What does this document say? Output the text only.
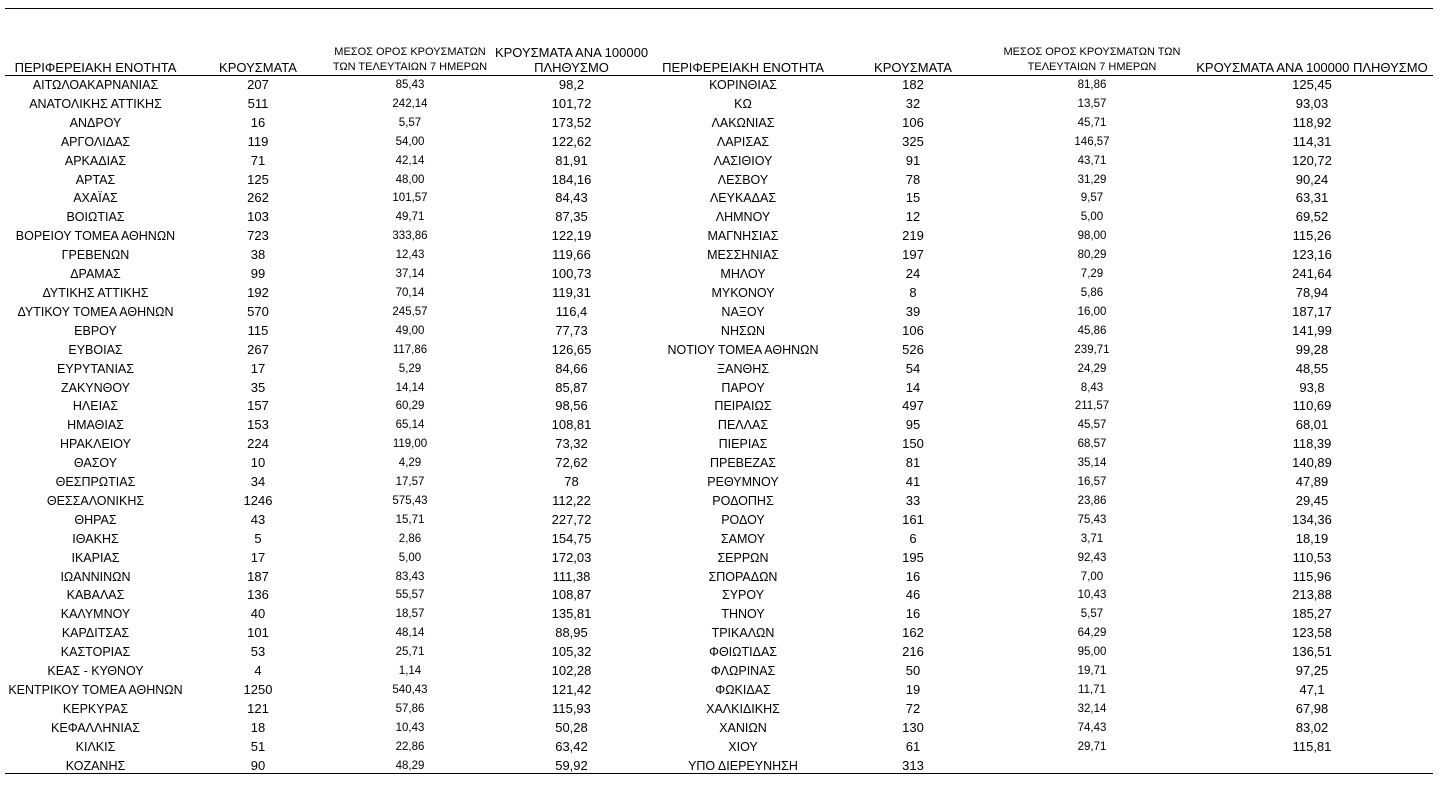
ΠΕΡΙΦΕΡΕΙΑΚΗ ΕΝΟΤΗΤΑ	ΚΡΟΥΣΜΑΤΑ	ΜΕΣΟΣ ΟΡΟΣ ΚΡΟΥΣΜΑΤΩΝ ΤΩΝ ΤΕΛΕΥΤΑΙΩΝ 7 ΗΜΕΡΩΝ	ΚΡΟΥΣΜΑΤΑ ΑΝΑ 100000 ΠΛΗΘΥΣΜΟ	ΠΕΡΙΦΕΡΕΙΑΚΗ ΕΝΟΤΗΤΑ	ΚΡΟΥΣΜΑΤΑ	ΜΕΣΟΣ ΟΡΟΣ ΚΡΟΥΣΜΑΤΩΝ ΤΩΝ ΤΕΛΕΥΤΑΙΩΝ 7 ΗΜΕΡΩΝ	ΚΡΟΥΣΜΑΤΑ ΑΝΑ 100000 ΠΛΗΘΥΣΜΟ
ΑΙΤΩΛΟΑΚΑΡΝΑΝΙΑΣ	207	85,43	98,2	ΚΟΡΙΝΘΙΑΣ	182	81,86	125,45
ΑΝΑΤΟΛΙΚΗΣ ΑΤΤΙΚΗΣ	511	242,14	101,72	ΚΩ	32	13,57	93,03
ΑΝΔΡΟΥ	16	5,57	173,52	ΛΑΚΩΝΙΑΣ	106	45,71	118,92
ΑΡΓΟΛΙΔΑΣ	119	54,00	122,62	ΛΑΡΙΣΑΣ	325	146,57	114,31
ΑΡΚΑΔΙΑΣ	71	42,14	81,91	ΛΑΣΙΘΙΟΥ	91	43,71	120,72
ΑΡΤΑΣ	125	48,00	184,16	ΛΕΣΒΟΥ	78	31,29	90,24
ΑΧΑΪΑΣ	262	101,57	84,43	ΛΕΥΚΑΔΑΣ	15	9,57	63,31
ΒΟΙΩΤΙΑΣ	103	49,71	87,35	ΛΗΜΝΟΥ	12	5,00	69,52
ΒΟΡΕΙΟΥ ΤΟΜΕΑ ΑΘΗΝΩΝ	723	333,86	122,19	ΜΑΓΝΗΣΙΑΣ	219	98,00	115,26
ΓΡΕΒΕΝΩΝ	38	12,43	119,66	ΜΕΣΣΗΝΙΑΣ	197	80,29	123,16
ΔΡΑΜΑΣ	99	37,14	100,73	ΜΗΛΟΥ	24	7,29	241,64
ΔΥΤΙΚΗΣ ΑΤΤΙΚΗΣ	192	70,14	119,31	ΜΥΚΟΝΟΥ	8	5,86	78,94
ΔΥΤΙΚΟΥ ΤΟΜΕΑ ΑΘΗΝΩΝ	570	245,57	116,4	ΝΑΞΟΥ	39	16,00	187,17
ΕΒΡΟΥ	115	49,00	77,73	ΝΗΣΩΝ	106	45,86	141,99
ΕΥΒΟΙΑΣ	267	117,86	126,65	ΝΟΤΙΟΥ ΤΟΜΕΑ ΑΘΗΝΩΝ	526	239,71	99,28
ΕΥΡΥΤΑΝΙΑΣ	17	5,29	84,66	ΞΑΝΘΗΣ	54	24,29	48,55
ΖΑΚΥΝΘΟΥ	35	14,14	85,87	ΠΑΡΟΥ	14	8,43	93,8
ΗΛΕΙΑΣ	157	60,29	98,56	ΠΕΙΡΑΙΩΣ	497	211,57	110,69
ΗΜΑΘΙΑΣ	153	65,14	108,81	ΠΕΛΛΑΣ	95	45,57	68,01
ΗΡΑΚΛΕΙΟΥ	224	119,00	73,32	ΠΙΕΡΙΑΣ	150	68,57	118,39
ΘΑΣΟΥ	10	4,29	72,62	ΠΡΕΒΕΖΑΣ	81	35,14	140,89
ΘΕΣΠΡΩΤΙΑΣ	34	17,57	78	ΡΕΘΥΜΝΟΥ	41	16,57	47,89
ΘΕΣΣΑΛΟΝΙΚΗΣ	1246	575,43	112,22	ΡΟΔΟΠΗΣ	33	23,86	29,45
ΘΗΡΑΣ	43	15,71	227,72	ΡΟΔΟΥ	161	75,43	134,36
ΙΘΑΚΗΣ	5	2,86	154,75	ΣΑΜΟΥ	6	3,71	18,19
ΙΚΑΡΙΑΣ	17	5,00	172,03	ΣΕΡΡΩΝ	195	92,43	110,53
ΙΩΑΝΝΙΝΩΝ	187	83,43	111,38	ΣΠΟΡΑΔΩΝ	16	7,00	115,96
ΚΑΒΑΛΑΣ	136	55,57	108,87	ΣΥΡΟΥ	46	10,43	213,88
ΚΑΛΥΜΝΟΥ	40	18,57	135,81	ΤΗΝΟΥ	16	5,57	185,27
ΚΑΡΔΙΤΣΑΣ	101	48,14	88,95	ΤΡΙΚΑΛΩΝ	162	64,29	123,58
ΚΑΣΤΟΡΙΑΣ	53	25,71	105,32	ΦΘΙΩΤΙΔΑΣ	216	95,00	136,51
ΚΕΑΣ - ΚΥΘΝΟΥ	4	1,14	102,28	ΦΛΩΡΙΝΑΣ	50	19,71	97,25
ΚΕΝΤΡΙΚΟΥ ΤΟΜΕΑ ΑΘΗΝΩΝ	1250	540,43	121,42	ΦΩΚΙΔΑΣ	19	11,71	47,1
ΚΕΡΚΥΡΑΣ	121	57,86	115,93	ΧΑΛΚΙΔΙΚΗΣ	72	32,14	67,98
ΚΕΦΑΛΛΗΝΙΑΣ	18	10,43	50,28	ΧΑΝΙΩΝ	130	74,43	83,02
ΚΙΛΚΙΣ	51	22,86	63,42	ΧΙΟΥ	61	29,71	115,81
ΚΟΖΑΝΗΣ	90	48,29	59,92	ΥΠΟ ΔΙΕΡΕΥΝΗΣΗ	313		
